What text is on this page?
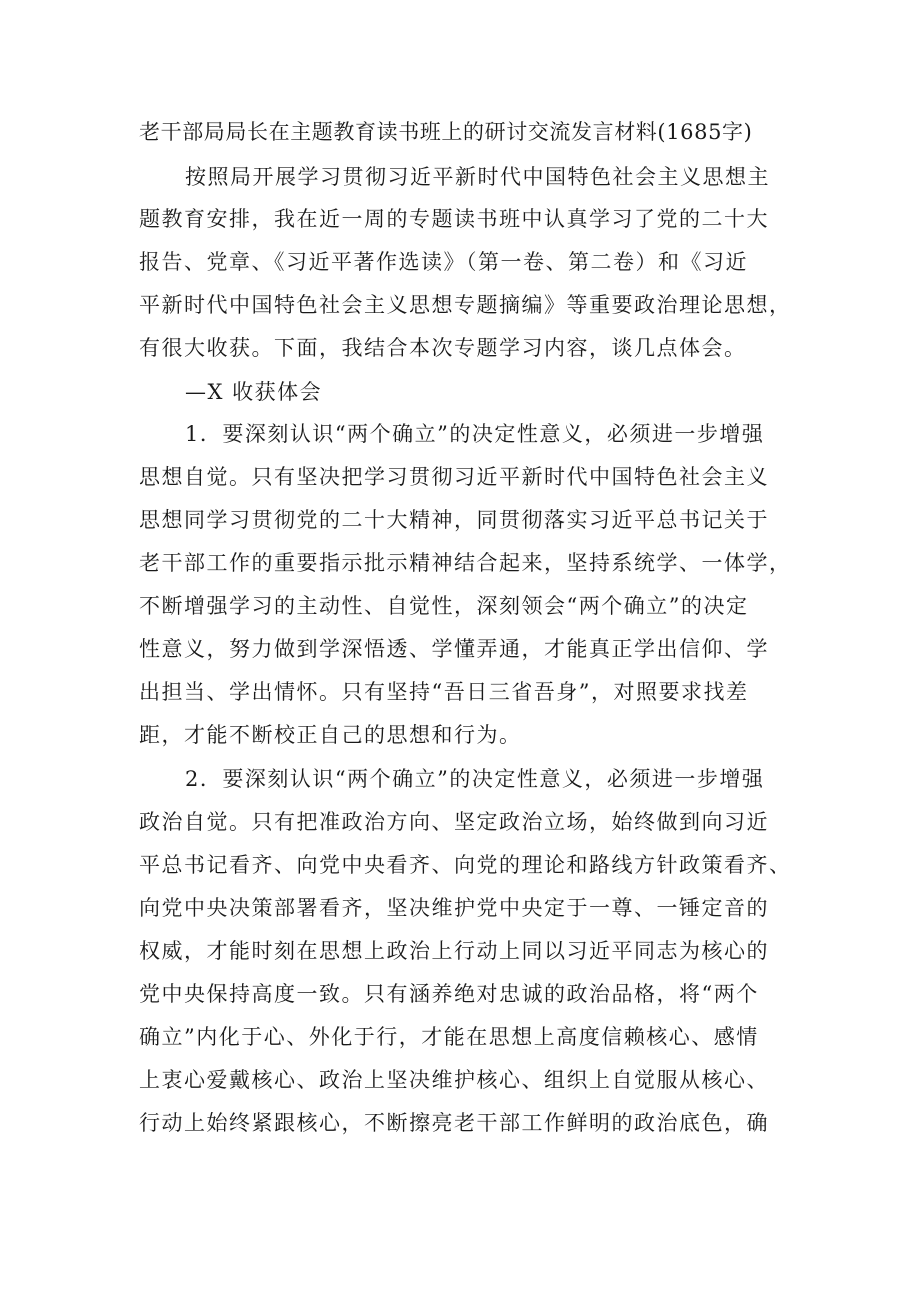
老干部局局长在主题教育读书班上的研讨交流发言材料(1685字)
按照局开展学习贯彻习近平新时代中国特色社会主义思想主
题教育安排，我在近一周的专题读书班中认真学习了党的二十大
报告、党章、《习近平著作选读》（第一卷、第二卷）和《习近
平新时代中国特色社会主义思想专题摘编》等重要政治理论思想，
有很大收获。下面，我结合本次专题学习内容，谈几点体会。
—X 收获体会
1．要深刻认识“两个确立”的决定性意义，必须进一步增强
思想自觉。只有坚决把学习贯彻习近平新时代中国特色社会主义
思想同学习贯彻党的二十大精神，同贯彻落实习近平总书记关于
老干部工作的重要指示批示精神结合起来，坚持系统学、一体学，
不断增强学习的主动性、自觉性，深刻领会“两个确立”的决定
性意义，努力做到学深悟透、学懂弄通，才能真正学出信仰、学
出担当、学出情怀。只有坚持“吾日三省吾身”，对照要求找差
距，才能不断校正自己的思想和行为。
2．要深刻认识“两个确立”的决定性意义，必须进一步增强
政治自觉。只有把准政治方向、坚定政治立场，始终做到向习近
平总书记看齐、向党中央看齐、向党的理论和路线方针政策看齐、
向党中央决策部署看齐，坚决维护党中央定于一尊、一锤定音的
权威，才能时刻在思想上政治上行动上同以习近平同志为核心的
党中央保持高度一致。只有涵养绝对忠诚的政治品格，将“两个
确立”内化于心、外化于行，才能在思想上高度信赖核心、感情
上衷心爱戴核心、政治上坚决维护核心、组织上自觉服从核心、
行动上始终紧跟核心，不断擦亮老干部工作鲜明的政治底色，确
